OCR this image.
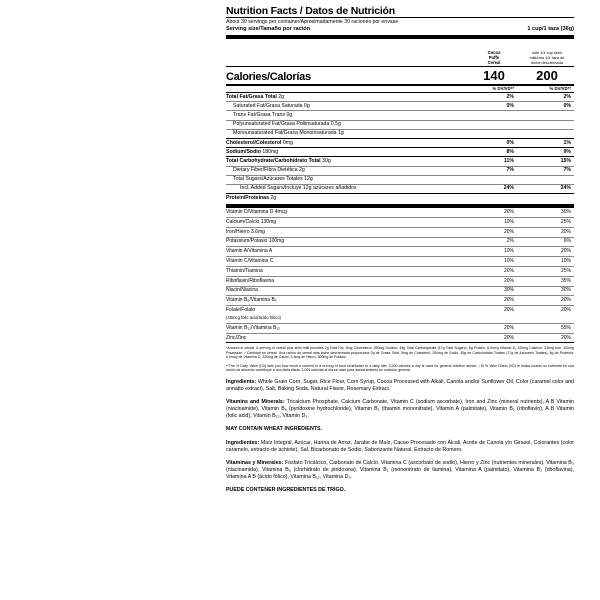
Nutrition Facts / Datos de Nutrición
About 30 servings per container/Aproximadamente 30 raciones por envase
Serving size/Tamaño por ración	1 cup/1 taza (36g)
Cocoa
Puffs
Cereal
with 1/4 cup skim
milk/una 1/4 taza de
leche descremada
Calories/Calorías	140	200
% DV/VD**	% DV/VD**
Total Fat/Grasa Total 2g	2%	2%
Saturated Fat/Grasa Saturada 0g	0%	0%
Trans Fat/Grasa Trans 0g
Polyunsaturated Fat/Grasa Poliinsaturada 0.5g
Monounsaturated Fat/Grasa Monoinsaturada 1g
Cholesterol/Colesterol 0mg	0%	1%
Sodium/Sodio 180mg	8%	9%
Total Carbohydrate/Carbohidrato Total 30g	11%	15%
Dietary Fiber/Fibra Dietética 2g	7%	7%
Total Sugars/Azúcares Totales 12g
Incl. Added Sugars/Incluye 12g azúcares añadidos	24%	24%
Protein/Proteínas 2g
Vitamin D/Vitamina D 4mcg	20%	30%
Calcium/Calcio 130mg	10%	25%
Iron/Hierro 3.6mg	20%	20%
Potassium/Potasio 100mg	2%	6%
Vitamin A/Vitamina A	10%	20%
Vitamin C/Vitamina C	10%	10%
Thiamin/Tiamina	20%	25%
Riboflavin/Riboflavina	20%	35%
Niacin/Niacina	30%	30%
Vitamin B₆/Vitamina B₆	20%	20%
Folate/Folato
(45mcg folic acid/ácido fólico)
20%	20%
Vitamin B₁₂/Vitamina B₁₂	20%	55%
Zinc/Zinc	20%	20%
*Amount in cereal. A serving of cereal plus skim milk provides 2g Total Fat, 5mg Cholesterol, 250mg Sodium, 45g Total Carbohydrate (17g Total Sugars), 6g Protein, 6.0mcg Vitamin D, 320mg Calcium, 3.6mg Iron, 300mg Potassium. / Cantidad en cereal. Una ración de cereal más leche descremada proporciona 2g de Grasa Total, 5mg de Colesterol, 250mg de Sodio, 45g de Carbohidrato Totales (17g de Azúcares Totales), 6g de Proteína, 6.0mcg de Vitamina D, 320mg de Calcio, 3.6mg de Hierro, 300mg de Potasio.
**The % Daily Value (DV) tells you how much a nutrient in a serving of food contributes to a daily diet. 2,000 calories a day is used for general nutrition advice. / El % Valor Diario (VD) le indica cuánto un nutriente en una ración de alimento contribuye a una dieta diaria. 2,000 calorías al día se usan para asesoramiento en nutrición general.
Ingredients: Whole Grain Corn, Sugar, Rice Flour, Corn Syrup, Cocoa Processed with Alkali, Canola and/or Sunflower Oil, Color (caramel color and annatto extract), Salt, Baking Soda, Natural Flavor, Rosemary Extract.
Vitamins and Minerals: Tricalcium Phosphate, Calcium Carbonate, Vitamin C (sodium ascorbate), Iron and Zinc (mineral nutrients), A B Vitamin (niacinamide), Vitamin B₆ (pyridoxine hydrochloride), Vitamin B₁ (thiamin mononitrate), Vitamin A (palmitate), Vitamin B₂ (riboflavin), A B Vitamin (folic acid), Vitamin B₁₂, Vitamin D₃.
MAY CONTAIN WHEAT INGREDIENTS.
Ingredientes: Maíz Integral, Azúcar, Harina de Arroz, Jarabe de Maíz, Cacao Procesado con Álcali, Aceite de Canola y/o Girasol, Colorantes (color caramelo, extracto de achiote), Sal, Bicarbonato de Sodio, Saborizante Natural, Extracto de Romero.
Vitaminas y Minerales: Fosfato Tricálcico, Carbonato de Calcio, Vitamina C (ascorbato de sodio), Hierro y Zinc (nutrientes minerales), Vitamina B₃ (niacinamida), Vitamina B₆ (clorhidrato de piridoxina), Vitamina B₁ (mononitrato de tiamina), Vitamina A (palmitato), Vitamina B₂ (riboflavina), Vitamina A B (ácido fólico), Vitamina B₁₂, Vitamina D₃.
PUEDE CONTENER INGREDIENTES DE TRIGO.
